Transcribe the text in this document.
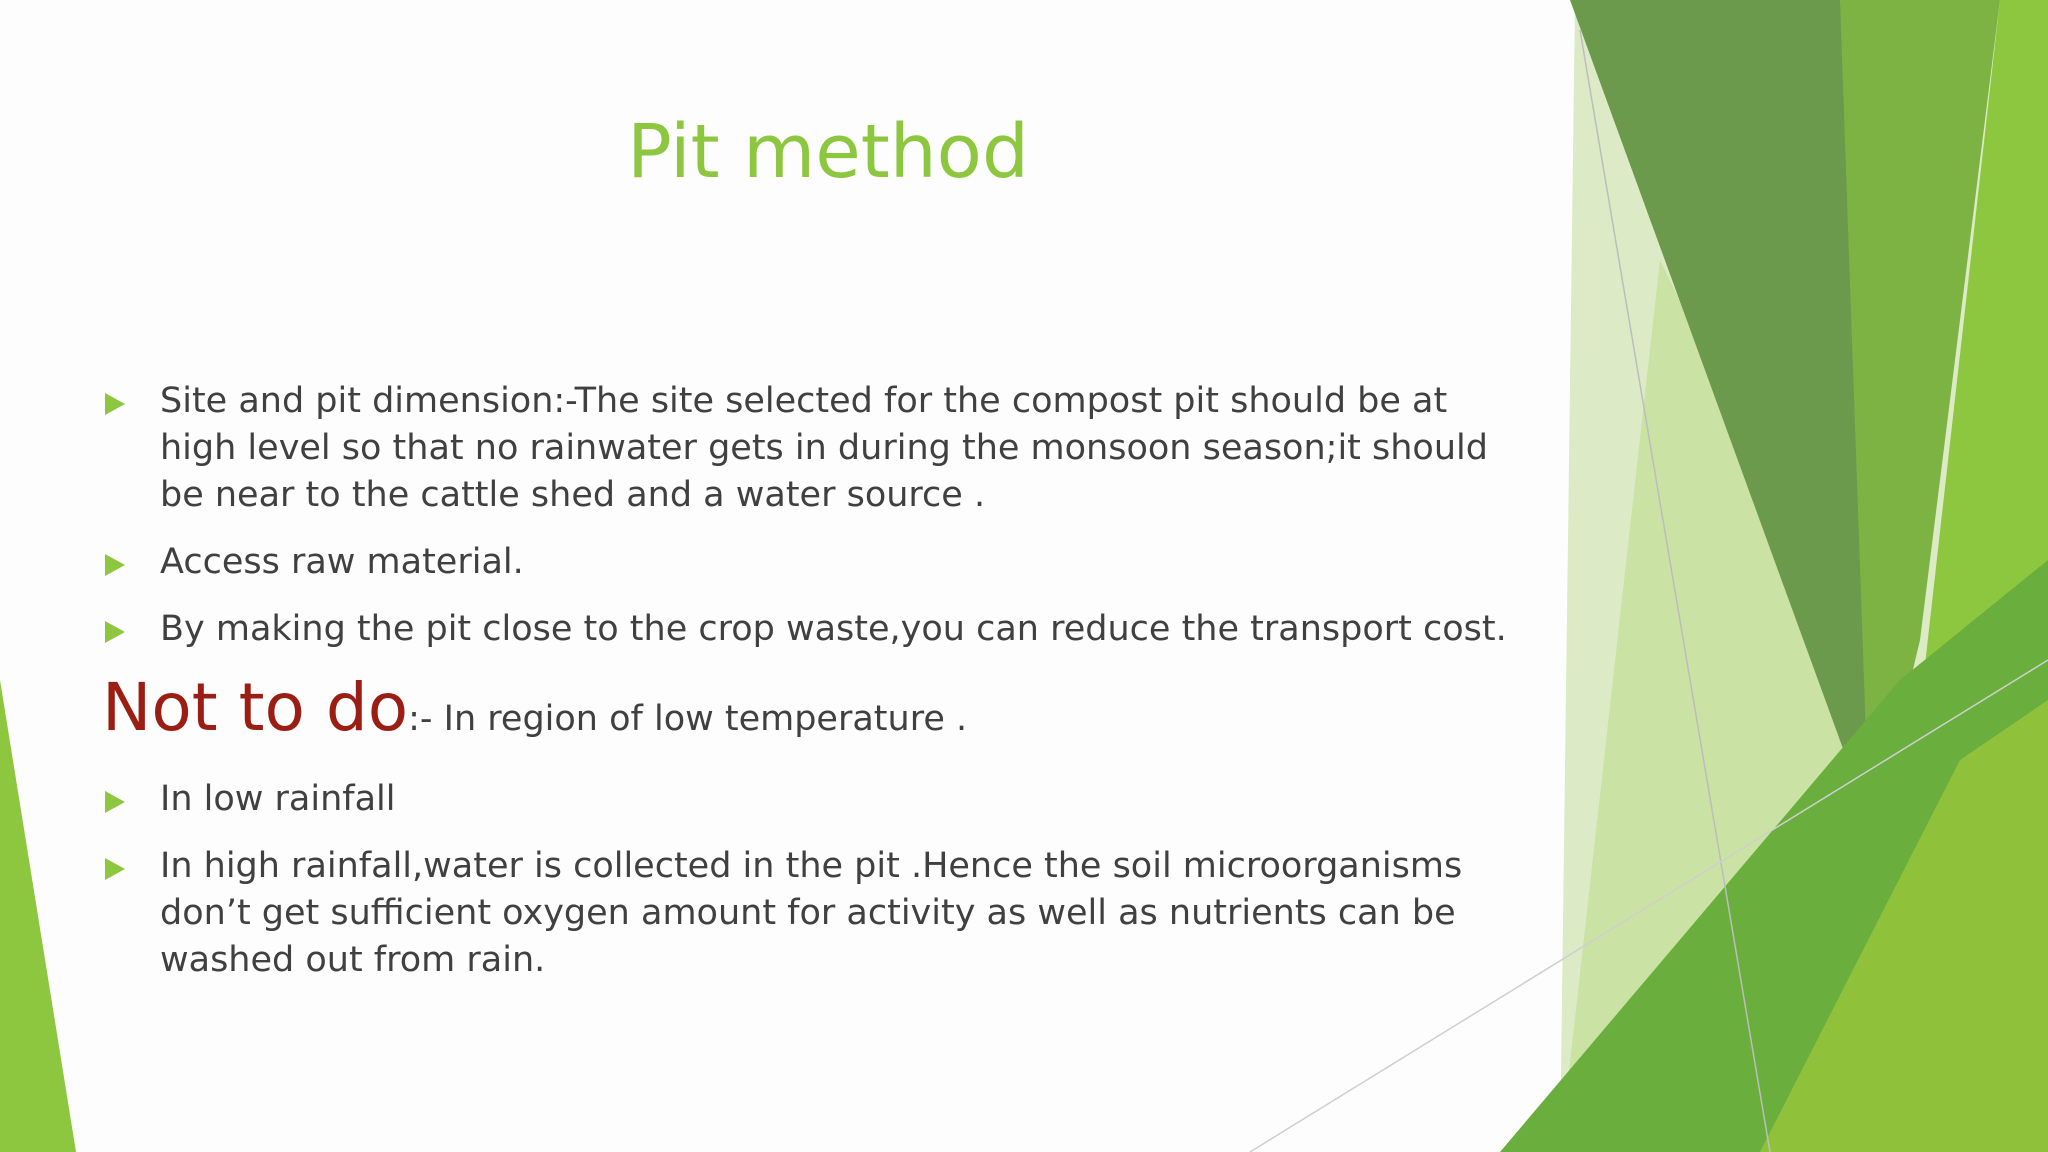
Pit method
Site and pit dimension:-The site selected for the compost pit should be at high level so that no rainwater gets in during the monsoon season;it should be near to the cattle shed and a water source .
Access raw material.
By making the pit close to the crop waste,you can reduce the transport cost.
Not to do:- In region of low temperature .
In low rainfall
In high rainfall,water is collected in the pit .Hence the soil microorganisms don’t get sufficient oxygen amount for activity as well as nutrients can be washed out from rain.
